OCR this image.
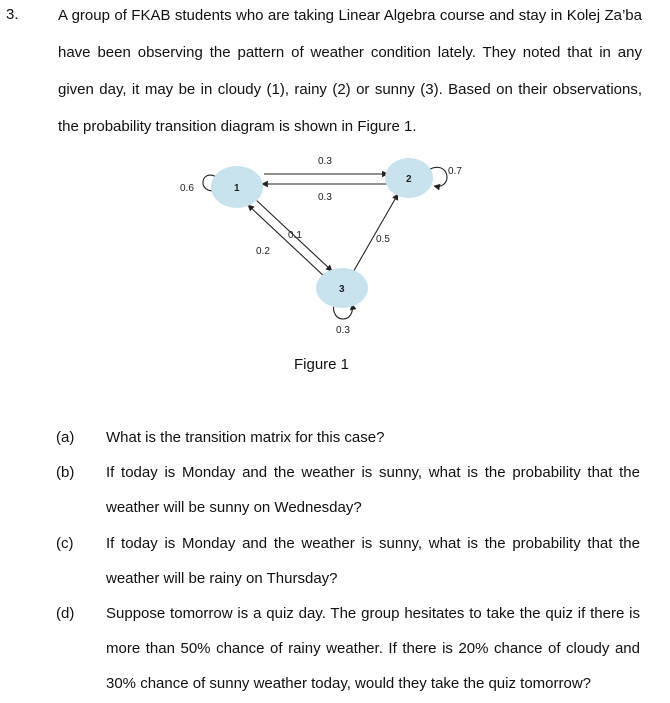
3.	A group of FKAB students who are taking Linear Algebra course and stay in Kolej Za’ba
have been observing the pattern of weather condition lately. They noted that in any
given day, it may be in cloudy (1), rainy (2) or sunny (3). Based on their observations,
the probability transition diagram is shown in Figure 1.
1
2
3
0.3
0.3
0.6
0.7
0.1
0.2
0.5
0.3
Figure 1
(a) What is the transition matrix for this case?
(b) If today is Monday and the weather is sunny, what is the probability that the
weather will be sunny on Wednesday?
(c) If today is Monday and the weather is sunny, what is the probability that the
weather will be rainy on Thursday?
(d) Suppose tomorrow is a quiz day. The group hesitates to take the quiz if there is
more than 50% chance of rainy weather. If there is 20% chance of cloudy and
30% chance of sunny weather today, would they take the quiz tomorrow?
